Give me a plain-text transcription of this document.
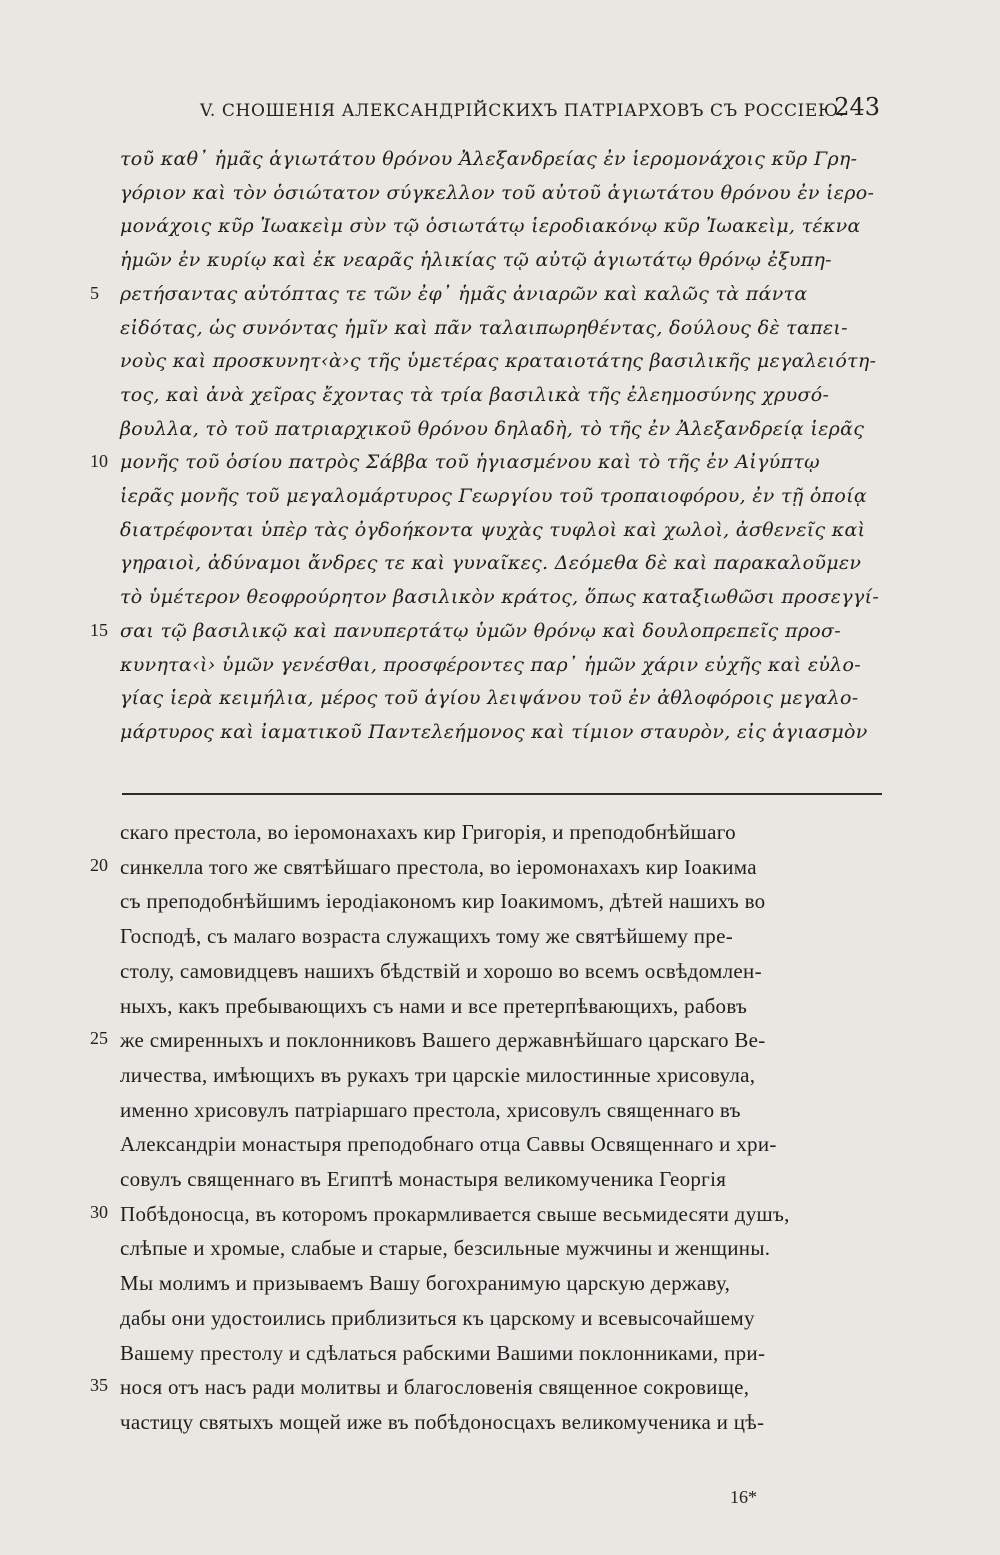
V. СНОШЕНІЯ АЛЕКСАНДРІЙСКИХЪ ПАТРІАРХОВЪ СЪ РОССІЕЮ.
243
τοῦ καθ᾽ ἡμᾶς ἁγιωτάτου θρόνου Ἀλεξανδρείας ἐν ἱερομονάχοις κῦρ Γρη-
γόριον καὶ τὸν ὁσιώτατον σύγκελλον τοῦ αὐτοῦ ἁγιωτάτου θρόνου ἐν ἱερο-
μονάχοις κῦρ Ἰωακεὶμ σὺν τῷ ὁσιωτάτῳ ἱεροδιακόνῳ κῦρ Ἰωακεὶμ, τέκνα
ἡμῶν ἐν κυρίῳ καὶ ἐκ νεαρᾶς ἡλικίας τῷ αὐτῷ ἁγιωτάτῳ θρόνῳ ἐξυπη-
5	ρετήσαντας αὐτόπτας τε τῶν ἐφ᾽ ἡμᾶς ἀνιαρῶν καὶ καλῶς τὰ πάντα
εἰδότας, ὡς συνόντας ἡμῖν καὶ πᾶν ταλαιπωρηθέντας, δούλους δὲ ταπει-
νοὺς καὶ προσκυνητ‹ὰ›ς τῆς ὑμετέρας κραταιοτάτης βασιλικῆς μεγαλειότη-
τος, καὶ ἀνὰ χεῖρας ἔχοντας τὰ τρία βασιλικὰ τῆς ἐλεημοσύνης χρυσό-
βουλλα, τὸ τοῦ πατριαρχικοῦ θρόνου δηλαδὴ, τὸ τῆς ἐν Ἀλεξανδρείᾳ ἱερᾶς
10 μονῆς τοῦ ὁσίου πατρὸς Σάββα τοῦ ἡγιασμένου καὶ τὸ τῆς ἐν Αἰγύπτῳ
ἱερᾶς μονῆς τοῦ μεγαλομάρτυρος Γεωργίου τοῦ τροπαιοφόρου, ἐν τῇ ὁποίᾳ
διατρέφονται ὑπὲρ τὰς ὀγδοήκοντα ψυχὰς τυφλοὶ καὶ χωλοὶ, ἀσθενεῖς καὶ
γηραιοὶ, ἀδύναμοι ἄνδρες τε καὶ γυναῖκες. Δεόμεθα δὲ καὶ παρακαλοῦμεν
τὸ ὑμέτερον θεοφρούρητον βασιλικὸν κράτος, ὅπως καταξιωθῶσι προσεγγί-
15 σαι τῷ βασιλικῷ καὶ πανυπερτάτῳ ὑμῶν θρόνῳ καὶ δουλοπρεπεῖς προσ-
κυνητα‹ὶ› ὑμῶν γενέσθαι, προσφέροντες παρ᾽ ἡμῶν χάριν εὐχῆς καὶ εὐλο-
γίας ἱερὰ κειμήλια, μέρος τοῦ ἁγίου λειψάνου τοῦ ἐν ἀθλοφόροις μεγαλο-
μάρτυρος καὶ ἰαματικοῦ Παντελεήμονος καὶ τίμιον σταυρὸν, εἰς ἁγιασμὸν
скаго престола, во іеромонахахъ кир Григорія, и преподобнѣйшаго
20 синкелла того же святѣйшаго престола, во іеромонахахъ кир Іоакима
съ преподобнѣйшимъ іеродіакономъ кир Іоакимомъ, дѣтей нашихъ во
Господѣ, съ малаго возраста служащихъ тому же святѣйшему пре-
столу, самовидцевъ нашихъ бѣдствій и хорошо во всемъ освѣдомлен-
ныхъ, какъ пребывающихъ съ нами и все претерпѣвающихъ, рабовъ
25 же смиренныхъ и поклонниковъ Вашего державнѣйшаго царскаго Ве-
личества, имѣющихъ въ рукахъ три царскіе милостинные хрисовула,
именно хрисовулъ патріаршаго престола, хрисовулъ священнаго въ
Александріи монастыря преподобнаго отца Саввы Освященнаго и хри-
совулъ священнаго въ Египтѣ монастыря великомученика Георгія
30 Побѣдоносца, въ которомъ прокармливается свыше весьмидесяти душъ,
слѣпые и хромые, слабые и старые, безсильные мужчины и женщины.
Мы молимъ и призываемъ Вашу богохранимую царскую державу,
дабы они удостоились приблизиться къ царскому и всевысочайшему
Вашему престолу и сдѣлаться рабскими Вашими поклонниками, при-
35 нося отъ насъ ради молитвы и благословенія священное сокровище,
частицу святыхъ мощей иже въ побѣдоносцахъ великомученика и цѣ-
16*
